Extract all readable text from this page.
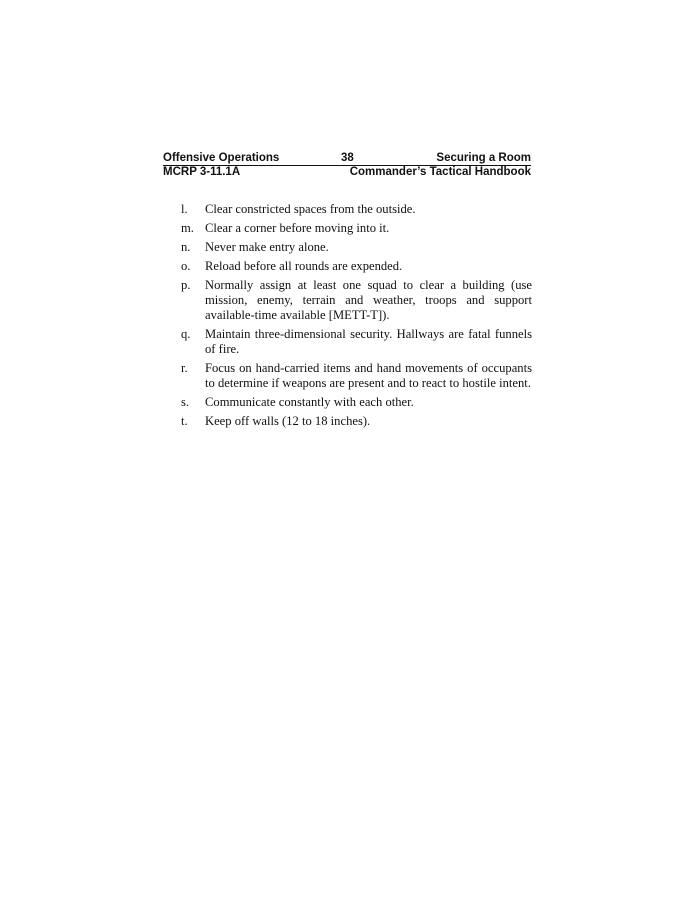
Offensive Operations	38	Securing a Room
MCRP 3-11.1A	Commander’s Tactical Handbook
l. Clear constricted spaces from the outside.
m. Clear a corner before moving into it.
n. Never make entry alone.
o. Reload before all rounds are expended.
p. Normally assign at least one squad to clear a building (use mission, enemy, terrain and weather, troops and support available-time available [METT-T]).
q. Maintain three-dimensional security. Hallways are fatal funnels of fire.
r. Focus on hand-carried items and hand movements of occupants to determine if weapons are present and to react to hostile intent.
s. Communicate constantly with each other.
t. Keep off walls (12 to 18 inches).
